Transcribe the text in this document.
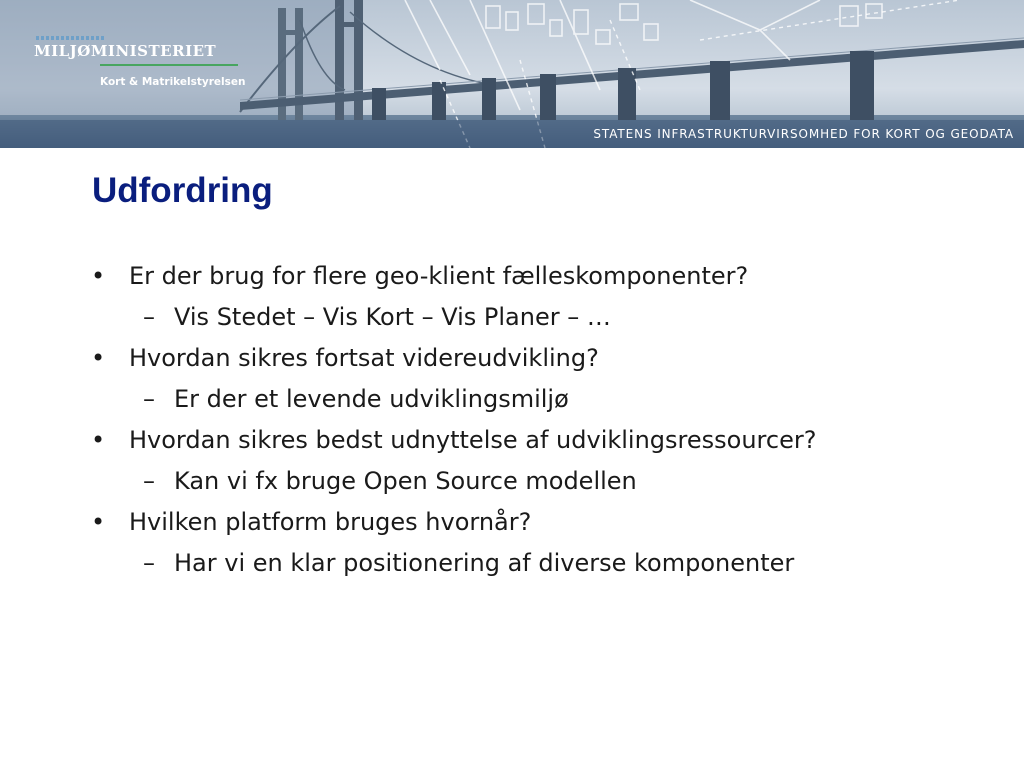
MILJØMINISTERIET
Kort & Matrikelstyrelsen
STATENS INFRASTRUKTURVIRSOMHED FOR KORT OG GEODATA
Udfordring
• Er der brug for flere geo-klient fælleskomponenter?
– Vis Stedet – Vis Kort – Vis Planer – …
• Hvordan sikres fortsat videreudvikling?
– Er der et levende udviklingsmiljø
• Hvordan sikres bedst udnyttelse af udviklingsressourcer?
– Kan vi fx bruge Open Source modellen
• Hvilken platform bruges hvornår?
– Har vi en klar positionering af diverse komponenter
